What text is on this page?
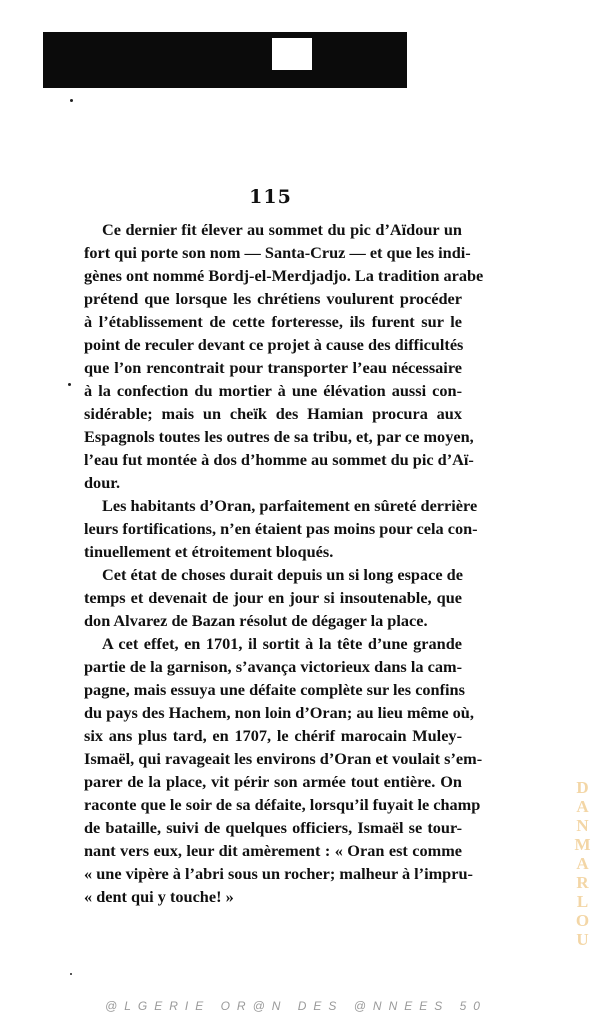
115
Ce dernier fit élever au sommet du pic d’Aïdour un
fort qui porte son nom — Santa-Cruz — et que les indi-
gènes ont nommé Bordj-el-Merdjadjo. La tradition arabe
prétend que lorsque les chrétiens voulurent procéder
à l’établissement de cette forteresse, ils furent sur le
point de reculer devant ce projet à cause des difficultés
que l’on rencontrait pour transporter l’eau nécessaire
à la confection du mortier à une élévation aussi con-
sidérable; mais un cheïk des Hamian procura aux
Espagnols toutes les outres de sa tribu, et, par ce moyen,
l’eau fut montée à dos d’homme au sommet du pic d’Aï-
dour.
Les habitants d’Oran, parfaitement en sûreté derrière
leurs fortifications, n’en étaient pas moins pour cela con-
tinuellement et étroitement bloqués.
Cet état de choses durait depuis un si long espace de
temps et devenait de jour en jour si insoutenable, que
don Alvarez de Bazan résolut de dégager la place.
A cet effet, en 1701, il sortit à la tête d’une grande
partie de la garnison, s’avança victorieux dans la cam-
pagne, mais essuya une défaite complète sur les confins
du pays des Hachem, non loin d’Oran; au lieu même où,
six ans plus tard, en 1707, le chérif marocain Muley-
Ismaël, qui ravageait les environs d’Oran et voulait s’em-
parer de la place, vit périr son armée tout entière. On
raconte que le soir de sa défaite, lorsqu’il fuyait le champ
de bataille, suivi de quelques officiers, Ismaël se tour-
nant vers eux, leur dit amèrement : « Oran est comme
« une vipère à l’abri sous un rocher; malheur à l’impru-
« dent qui y touche! »	DANMARLOU
@LGERIE OR@N DES @NNEES 50
